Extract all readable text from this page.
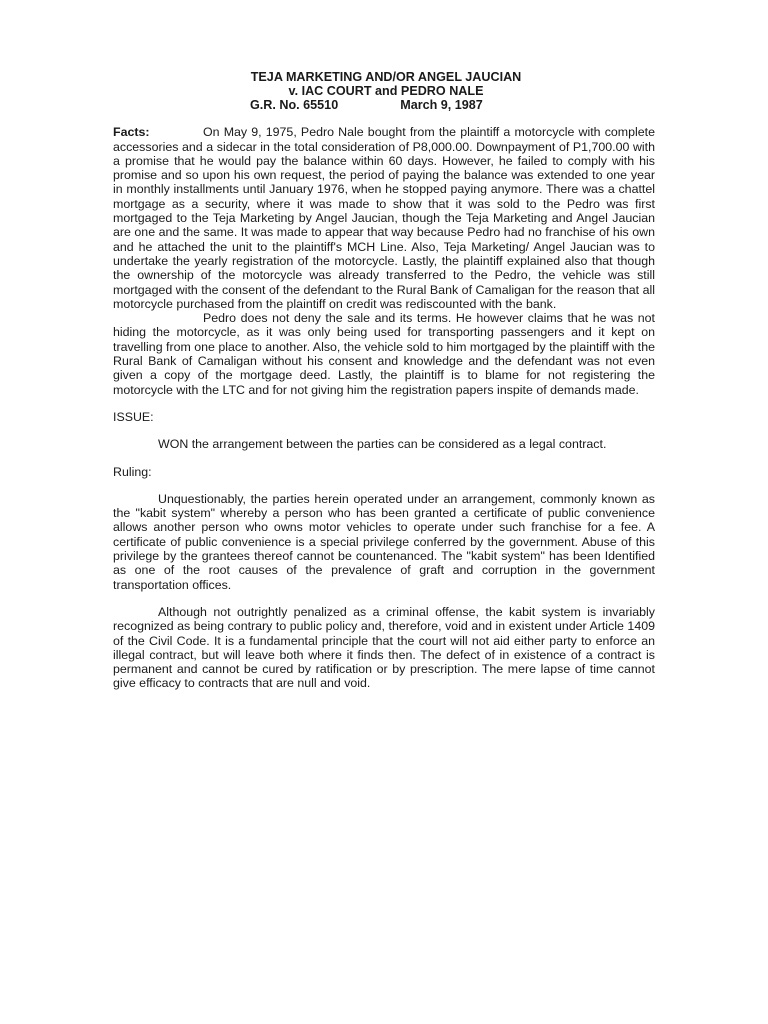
TEJA MARKETING AND/OR ANGEL JAUCIAN
v. IAC COURT and PEDRO NALE
G.R. No. 65510	March 9, 1987
Facts:	On May 9, 1975, Pedro Nale bought from the plaintiff a motorcycle with complete accessories and a sidecar in the total consideration of P8,000.00. Downpayment of P1,700.00 with a promise that he would pay the balance within 60 days. However, he failed to comply with his promise and so upon his own request, the period of paying the balance was extended to one year in monthly installments until January 1976, when he stopped paying anymore. There was a chattel mortgage as a security, where it was made to show that it was sold to the Pedro was first mortgaged to the Teja Marketing by Angel Jaucian, though the Teja Marketing and Angel Jaucian are one and the same. It was made to appear that way because Pedro had no franchise of his own and he attached the unit to the plaintiff's MCH Line. Also, Teja Marketing/ Angel Jaucian was to undertake the yearly registration of the motorcycle. Lastly, the plaintiff explained also that though the ownership of the motorcycle was already transferred to the Pedro, the vehicle was still mortgaged with the consent of the defendant to the Rural Bank of Camaligan for the reason that all motorcycle purchased from the plaintiff on credit was rediscounted with the bank.

Pedro does not deny the sale and its terms. He however claims that he was not hiding the motorcycle, as it was only being used for transporting passengers and it kept on travelling from one place to another. Also, the vehicle sold to him mortgaged by the plaintiff with the Rural Bank of Camaligan without his consent and knowledge and the defendant was not even given a copy of the mortgage deed. Lastly, the plaintiff is to blame for not registering the motorcycle with the LTC and for not giving him the registration papers inspite of demands made.

ISSUE:

WON the arrangement between the parties can be considered as a legal contract.

Ruling:

Unquestionably, the parties herein operated under an arrangement, commonly known as the "kabit system" whereby a person who has been granted a certificate of public convenience allows another person who owns motor vehicles to operate under such franchise for a fee. A certificate of public convenience is a special privilege conferred by the government. Abuse of this privilege by the grantees thereof cannot be countenanced. The "kabit system" has been Identified as one of the root causes of the prevalence of graft and corruption in the government transportation offices.

Although not outrightly penalized as a criminal offense, the kabit system is invariably recognized as being contrary to public policy and, therefore, void and in existent under Article 1409 of the Civil Code. It is a fundamental principle that the court will not aid either party to enforce an illegal contract, but will leave both where it finds then. The defect of in existence of a contract is permanent and cannot be cured by ratification or by prescription. The mere lapse of time cannot give efficacy to contracts that are null and void.
